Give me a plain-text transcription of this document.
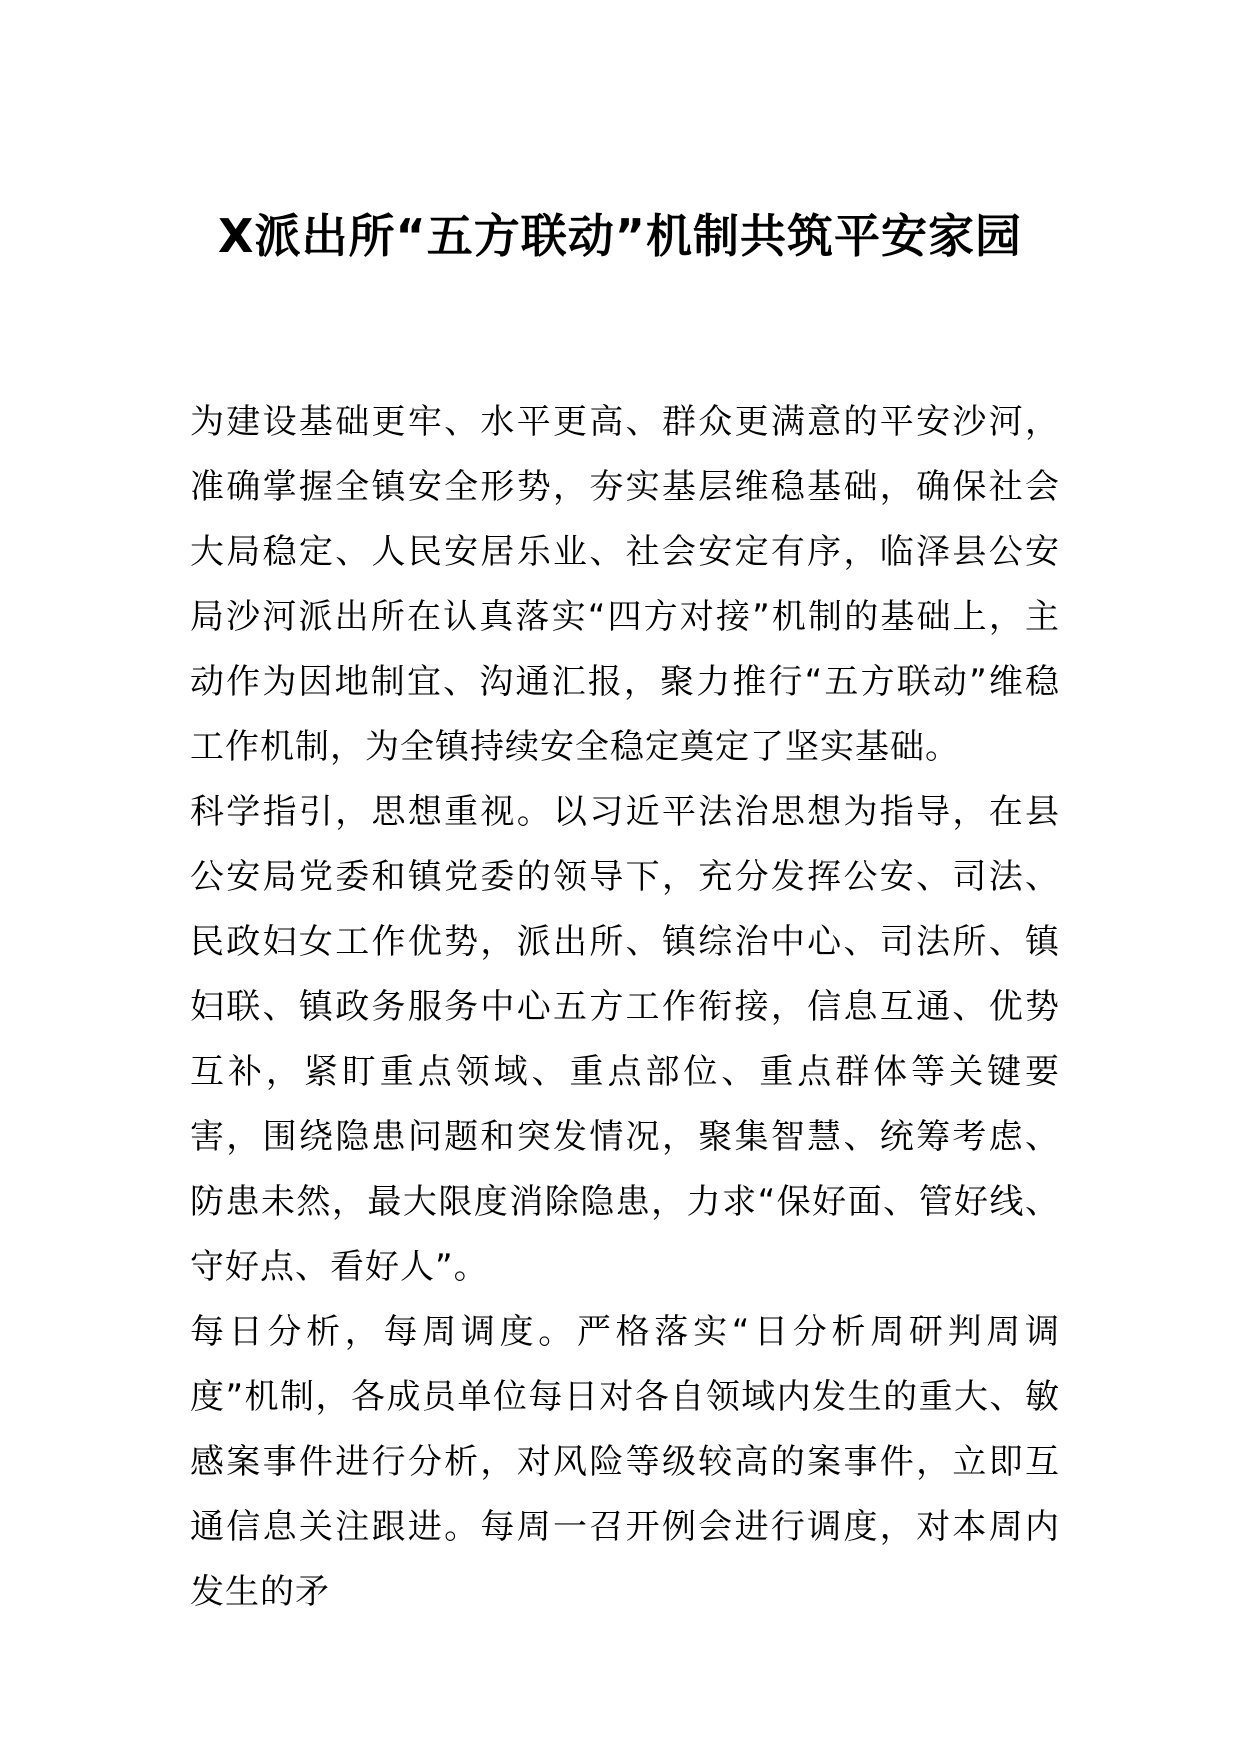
X派出所“五方联动”机制共筑平安家园

为建设基础更牢、水平更高、群众更满意的平安沙河，准确掌握全镇安全形势，夯实基层维稳基础，确保社会大局稳定、人民安居乐业、社会安定有序，临泽县公安局沙河派出所在认真落实“四方对接”机制的基础上，主动作为因地制宜、沟通汇报，聚力推行“五方联动”维稳工作机制，为全镇持续安全稳定奠定了坚实基础。

科学指引，思想重视。以习近平法治思想为指导，在县公安局党委和镇党委的领导下，充分发挥公安、司法、民政妇女工作优势，派出所、镇综治中心、司法所、镇妇联、镇政务服务中心五方工作衔接，信息互通、优势互补，紧盯重点领域、重点部位、重点群体等关键要害，围绕隐患问题和突发情况，聚集智慧、统筹考虑、防患未然，最大限度消除隐患，力求“保好面、管好线、守好点、看好人”。

每日分析，每周调度。严格落实“日分析周研判周调度”机制，各成员单位每日对各自领域内发生的重大、敏感案事件进行分析，对风险等级较高的案事件，立即互通信息关注跟进。每周一召开例会进行调度，对本周内发生的矛
